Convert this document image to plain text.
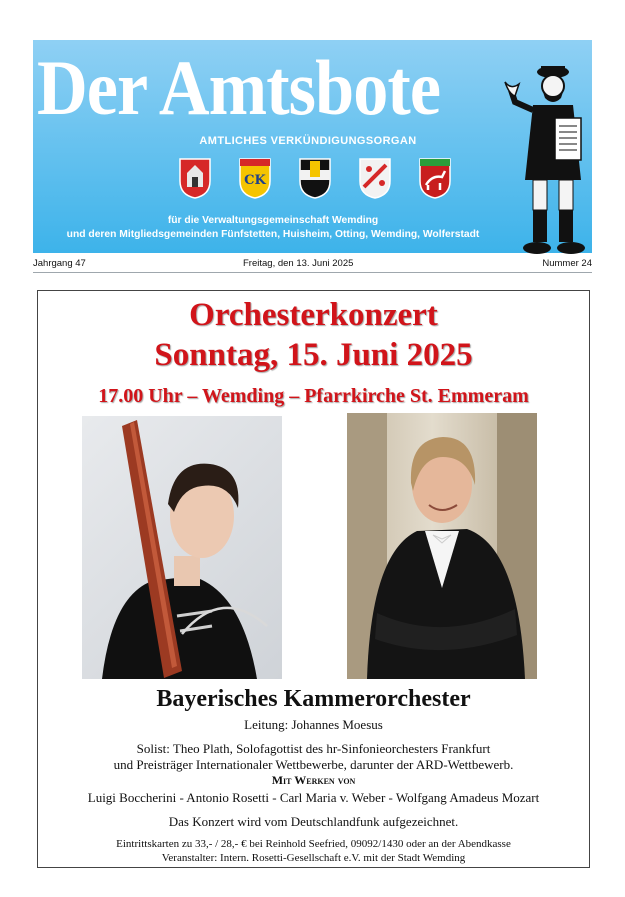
Der Amtsbote
AMTLICHES VERKÜNDIGUNGSORGAN
CK
für die Verwaltungsgemeinschaft Wemding
und deren Mitgliedsgemeinden Fünfstetten, Huisheim, Otting, Wemding, Wolferstadt
Jahrgang 47	Freitag, den 13. Juni 2025	Nummer 24
Orchesterkonzert
Sonntag, 15. Juni 2025
17.00 Uhr – Wemding – Pfarrkirche St. Emmeram
Bayerisches Kammerorchester
Leitung: Johannes Moesus
Solist: Theo Plath, Solofagottist des hr-Sinfonieorchesters Frankfurt
und Preisträger Internationaler Wettbewerbe, darunter der ARD-Wettbewerb.
Mit Werken von
Luigi Boccherini - Antonio Rosetti - Carl Maria v. Weber - Wolfgang Amadeus Mozart
Das Konzert wird vom Deutschlandfunk aufgezeichnet.
Eintrittskarten zu 33,- / 28,- € bei Reinhold Seefried, 09092/1430 oder an der Abendkasse
Veranstalter: Intern. Rosetti-Gesellschaft e.V. mit der Stadt Wemding
